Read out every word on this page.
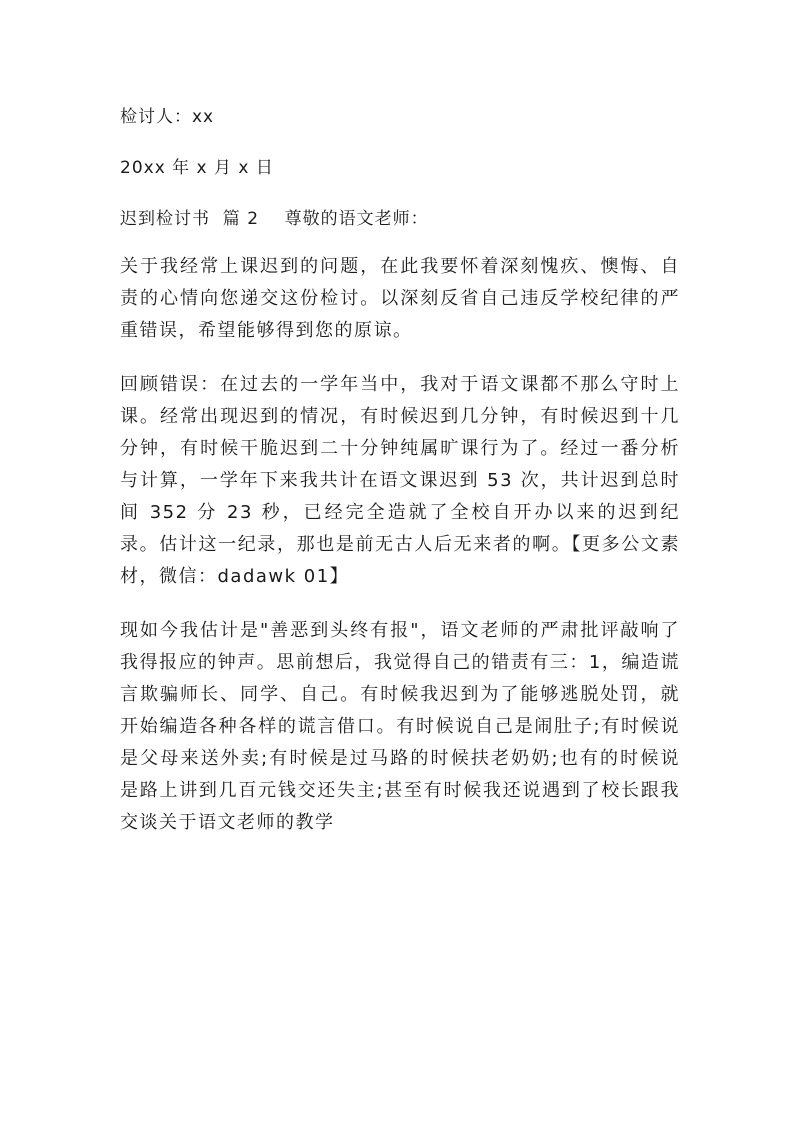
检讨人：xx

20xx 年 x 月 x 日

迟到检讨书  篇 2    尊敬的语文老师：

关于我经常上课迟到的问题，在此我要怀着深刻愧疚、懊悔、自责的心情向您递交这份检讨。以深刻反省自己违反学校纪律的严重错误，希望能够得到您的原谅。

回顾错误：在过去的一学年当中，我对于语文课都不那么守时上课。经常出现迟到的情况，有时候迟到几分钟，有时候迟到十几分钟，有时候干脆迟到二十分钟纯属旷课行为了。经过一番分析与计算，一学年下来我共计在语文课迟到 53 次，共计迟到总时间 352 分 23 秒，已经完全造就了全校自开办以来的迟到纪录。估计这一纪录，那也是前无古人后无来者的啊。【更多公文素材，微信：dadawk 01】

现如今我估计是"善恶到头终有报"，语文老师的严肃批评敲响了我得报应的钟声。思前想后，我觉得自己的错责有三：1，编造谎言欺骗师长、同学、自己。有时候我迟到为了能够逃脱处罚，就开始编造各种各样的谎言借口。有时候说自己是闹肚子;有时候说是父母来送外卖;有时候是过马路的时候扶老奶奶;也有的时候说是路上讲到几百元钱交还失主;甚至有时候我还说遇到了校长跟我交谈关于语文老师的教学
